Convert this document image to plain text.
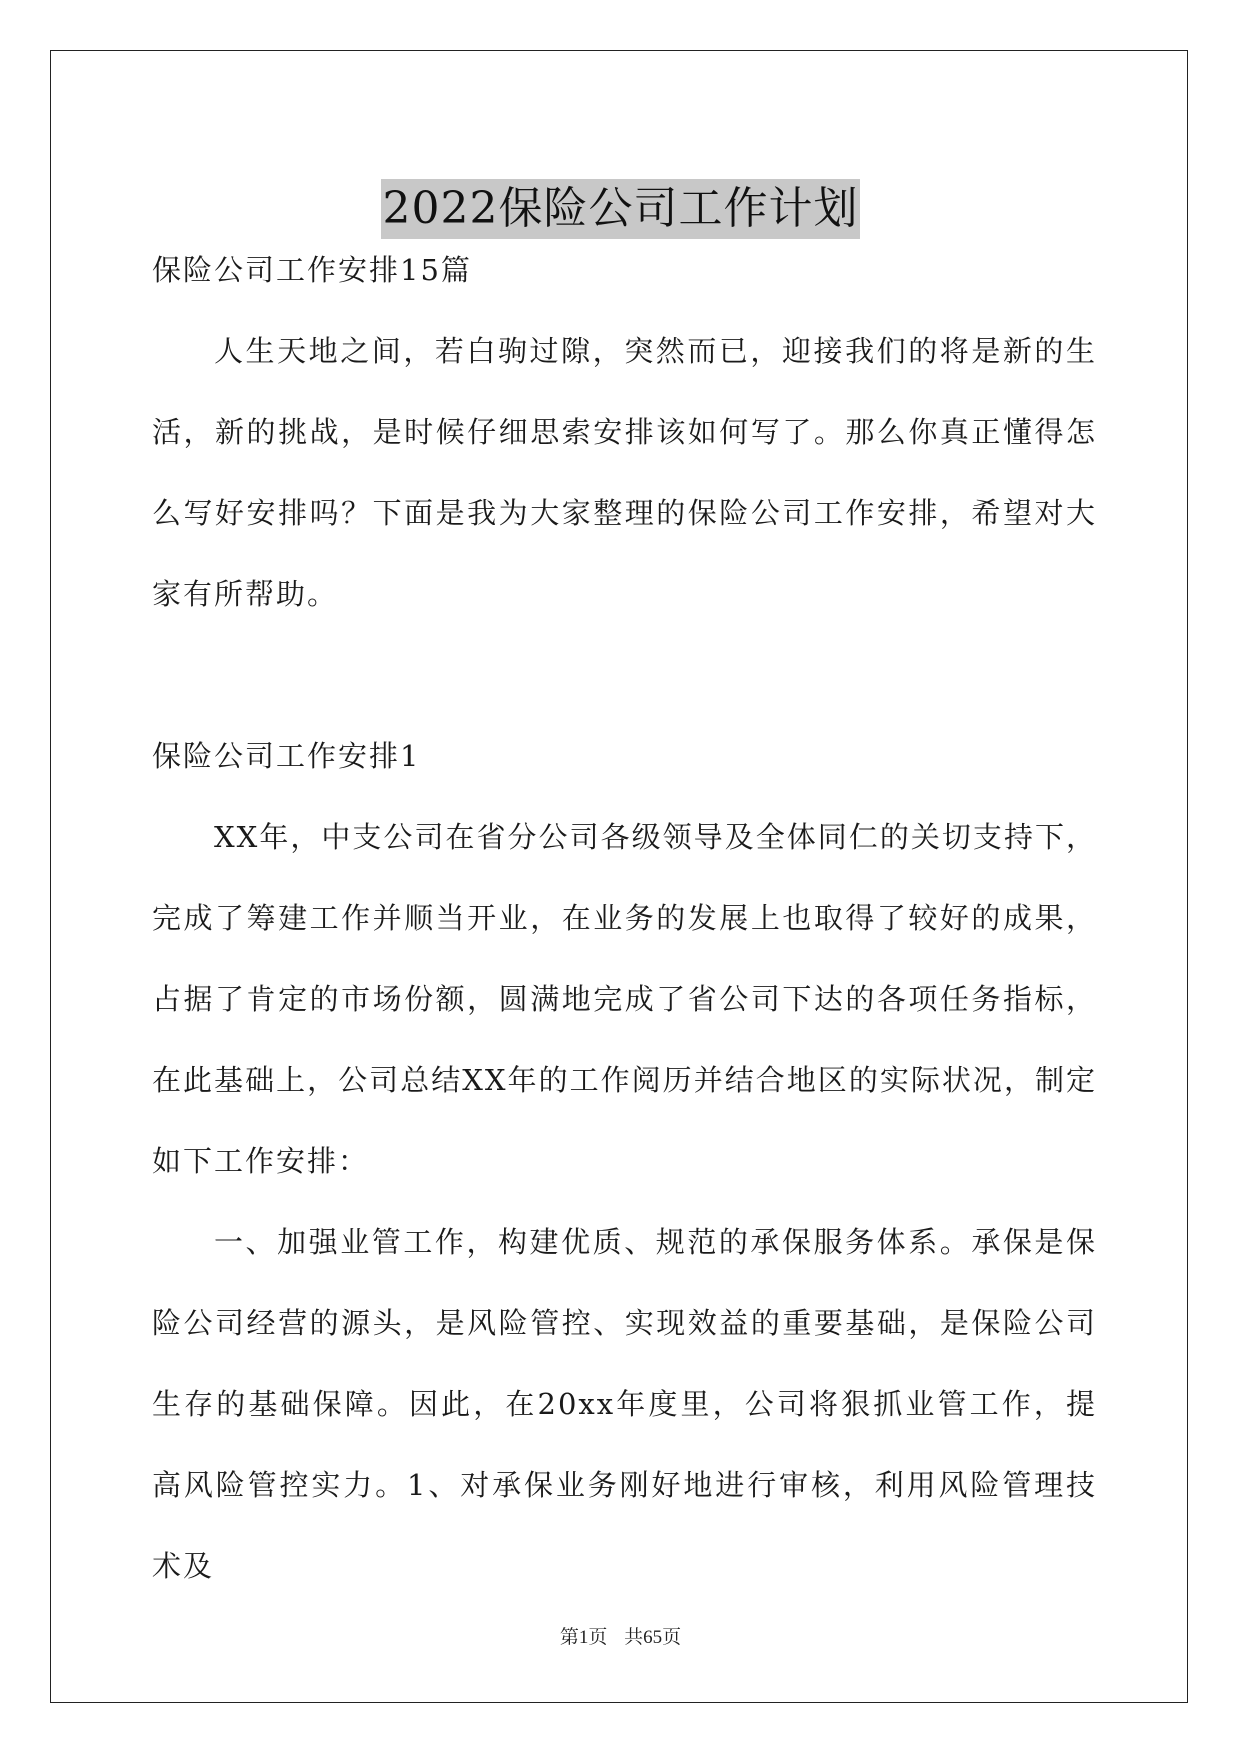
2022保险公司工作计划

保险公司工作安排15篇

人生天地之间，若白驹过隙，突然而已，迎接我们的将是新的生活，新的挑战，是时候仔细思索安排该如何写了。那么你真正懂得怎么写好安排吗？下面是我为大家整理的保险公司工作安排，希望对大家有所帮助。

保险公司工作安排1

XX年，中支公司在省分公司各级领导及全体同仁的关切支持下，完成了筹建工作并顺当开业，在业务的发展上也取得了较好的成果，占据了肯定的市场份额，圆满地完成了省公司下达的各项任务指标，在此基础上，公司总结XX年的工作阅历并结合地区的实际状况，制定如下工作安排：

一、加强业管工作，构建优质、规范的承保服务体系。承保是保险公司经营的源头，是风险管控、实现效益的重要基础，是保险公司生存的基础保障。因此，在20xx年度里，公司将狠抓业管工作，提高风险管控实力。1、对承保业务刚好地进行审核，利用风险管理技术及

第1页 共65页
